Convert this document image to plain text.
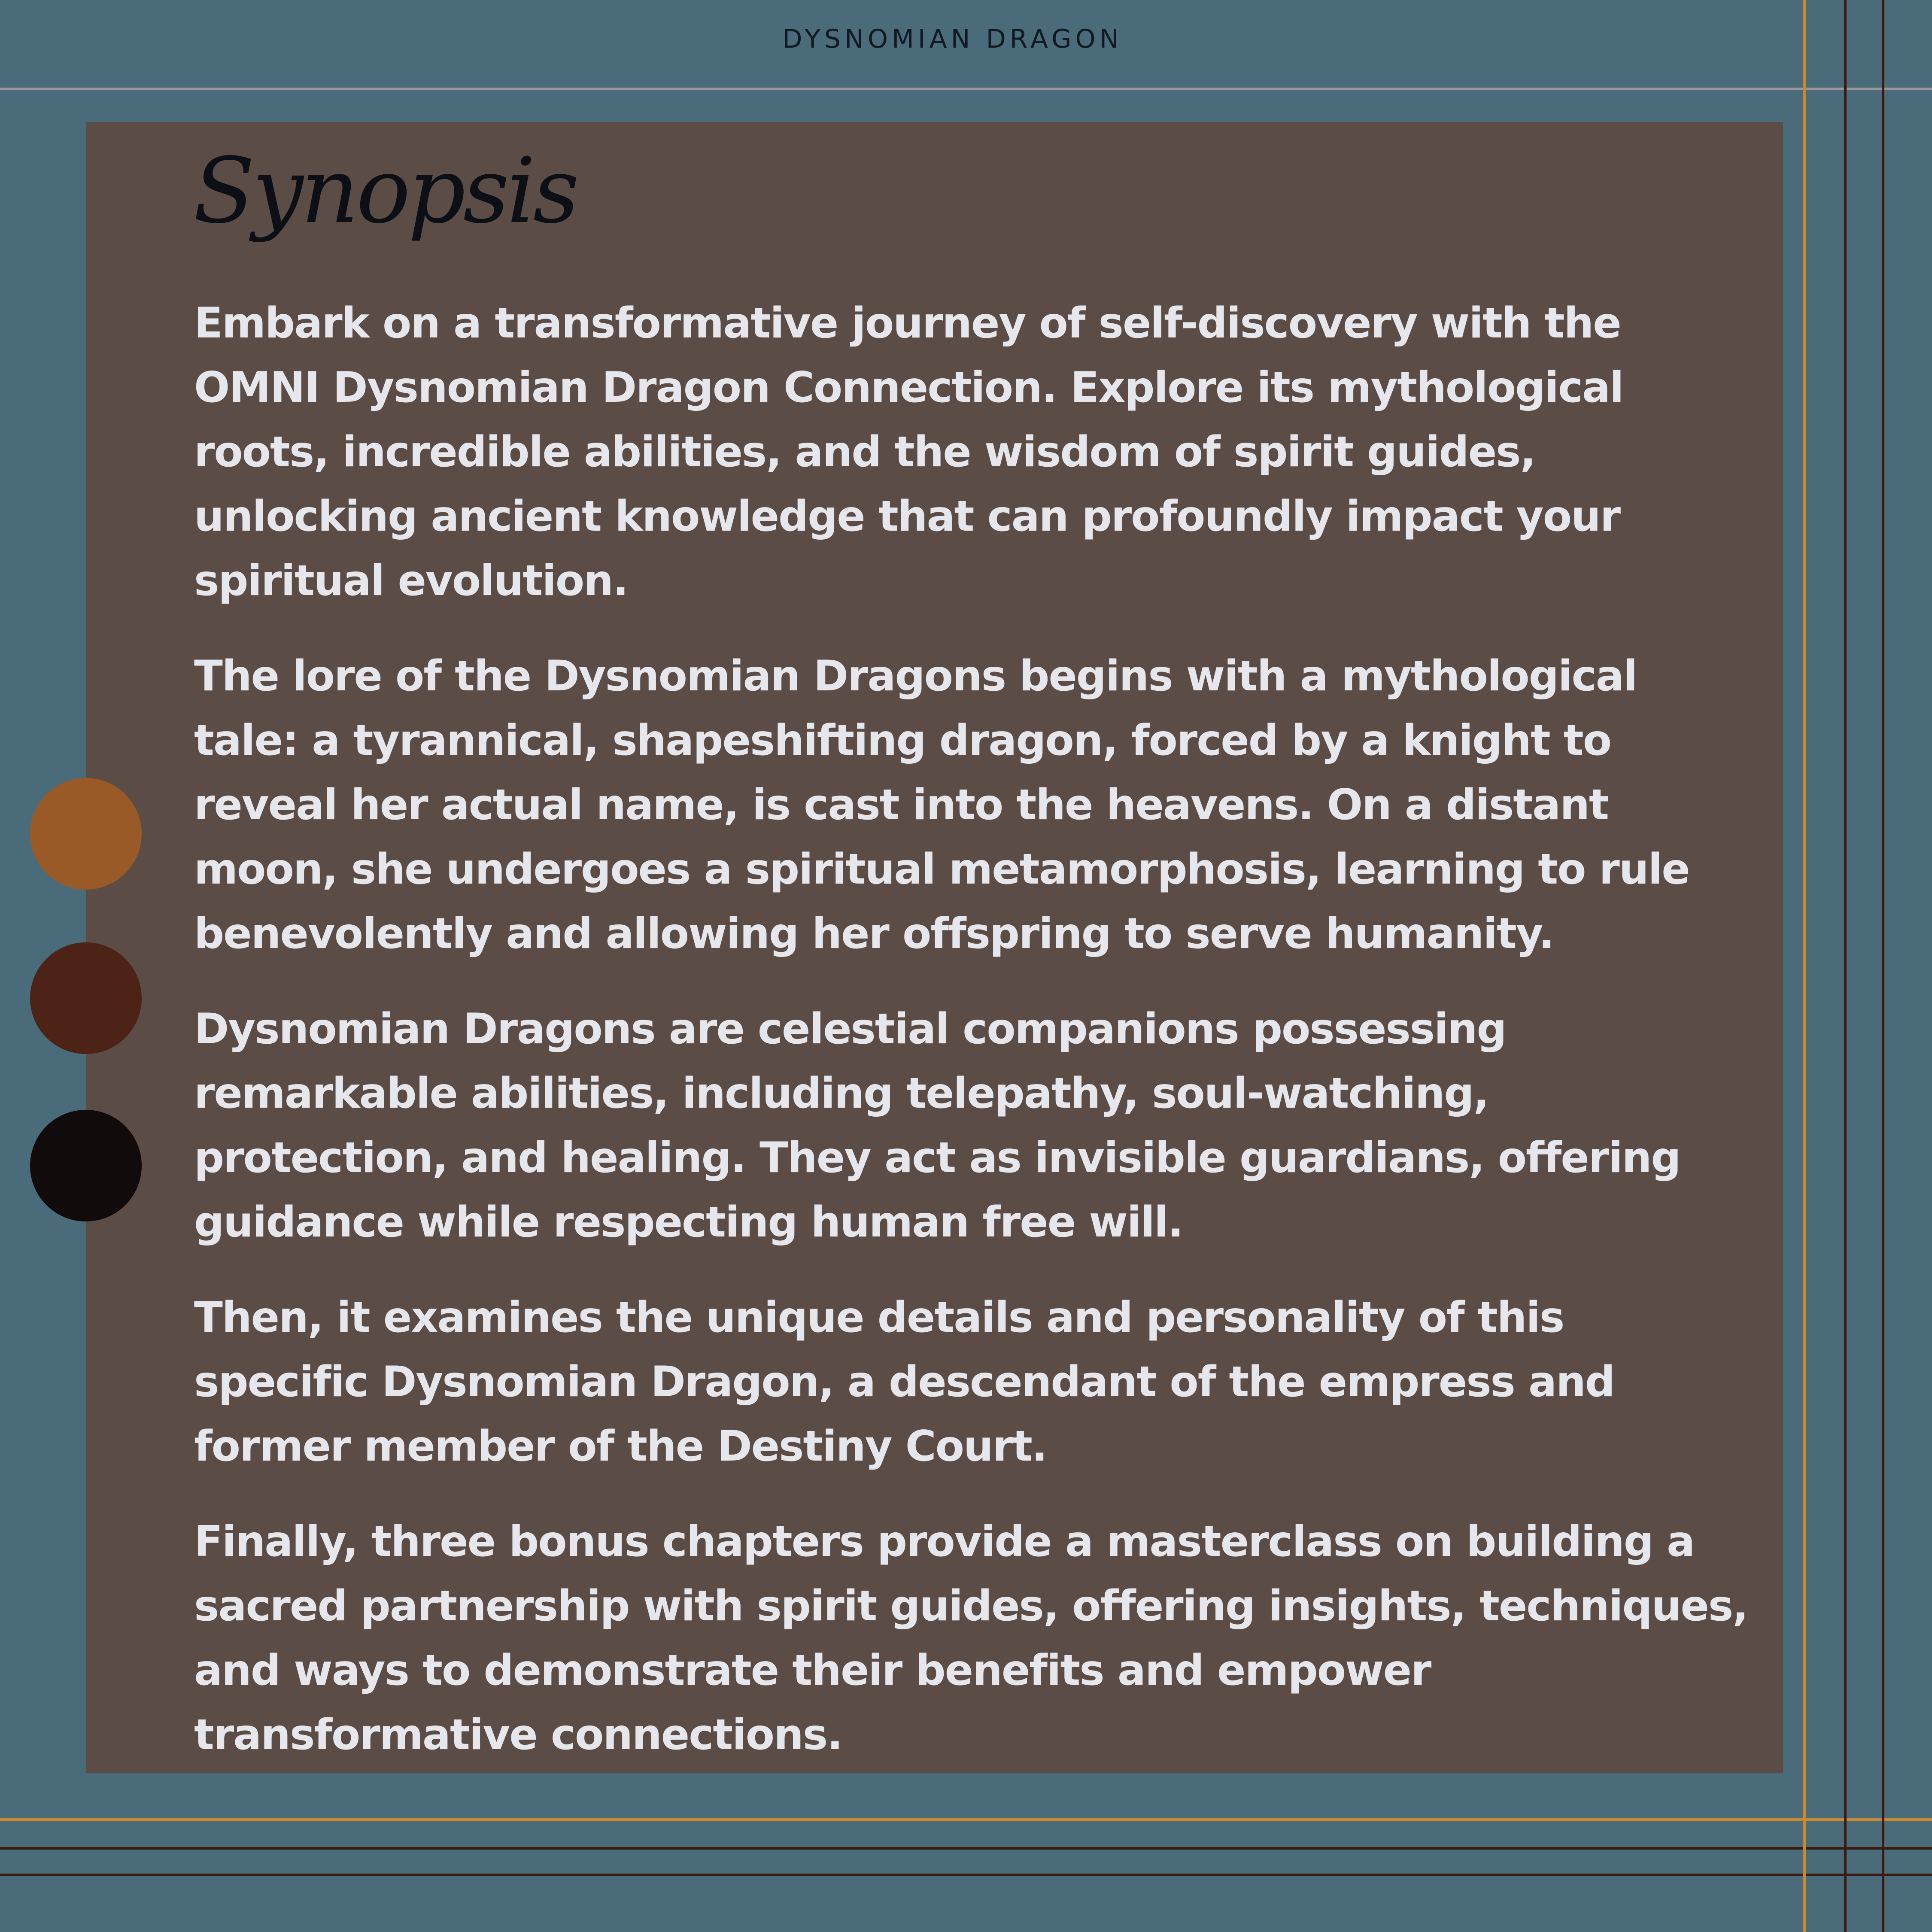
DYSNOMIAN DRAGON
Synopsis

Embark on a transformative journey of self-discovery with the OMNI Dysnomian Dragon Connection. Explore its mythological roots, incredible abilities, and the wisdom of spirit guides, unlocking ancient knowledge that can profoundly impact your spiritual evolution.

The lore of the Dysnomian Dragons begins with a mythological tale: a tyrannical, shapeshifting dragon, forced by a knight to reveal her actual name, is cast into the heavens. On a distant moon, she undergoes a spiritual metamorphosis, learning to rule benevolently and allowing her offspring to serve humanity.

Dysnomian Dragons are celestial companions possessing remarkable abilities, including telepathy, soul-watching, protection, and healing. They act as invisible guardians, offering guidance while respecting human free will.

Then, it examines the unique details and personality of this specific Dysnomian Dragon, a descendant of the empress and former member of the Destiny Court.

Finally, three bonus chapters provide a masterclass on building a sacred partnership with spirit guides, offering insights, techniques, and ways to demonstrate their benefits and empower transformative connections.
